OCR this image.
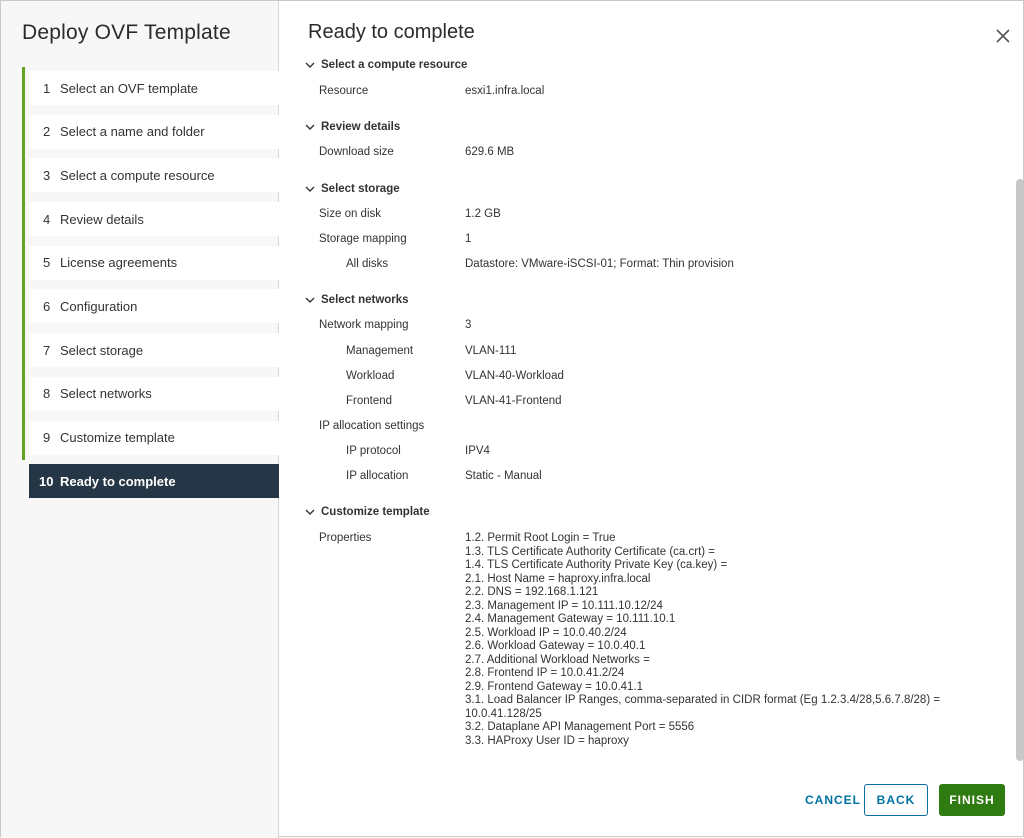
Deploy OVF Template
1 Select an OVF template
2 Select a name and folder
3 Select a compute resource
4 Review details
5 License agreements
6 Configuration
7 Select storage
8 Select networks
9 Customize template
10 Ready to complete
Ready to complete
Select a compute resource
Resource	esxi1.infra.local
Review details
Download size	629.6 MB
Select storage
Size on disk	1.2 GB
Storage mapping	1
All disks	Datastore: VMware-iSCSI-01; Format: Thin provision
Select networks
Network mapping	3
Management	VLAN-111
Workload	VLAN-40-Workload
Frontend	VLAN-41-Frontend
IP allocation settings
IP protocol	IPV4
IP allocation	Static - Manual
Customize template
Properties	1.2. Permit Root Login = True
1.3. TLS Certificate Authority Certificate (ca.crt) =
1.4. TLS Certificate Authority Private Key (ca.key) =
2.1. Host Name = haproxy.infra.local
2.2. DNS = 192.168.1.121
2.3. Management IP = 10.111.10.12/24
2.4. Management Gateway = 10.111.10.1
2.5. Workload IP = 10.0.40.2/24
2.6. Workload Gateway = 10.0.40.1
2.7. Additional Workload Networks =
2.8. Frontend IP = 10.0.41.2/24
2.9. Frontend Gateway = 10.0.41.1
3.1. Load Balancer IP Ranges, comma-separated in CIDR format (Eg 1.2.3.4/28,5.6.7.8/28) =
10.0.41.128/25
3.2. Dataplane API Management Port = 5556
3.3. HAProxy User ID = haproxy
CANCEL	BACK	FINISH
